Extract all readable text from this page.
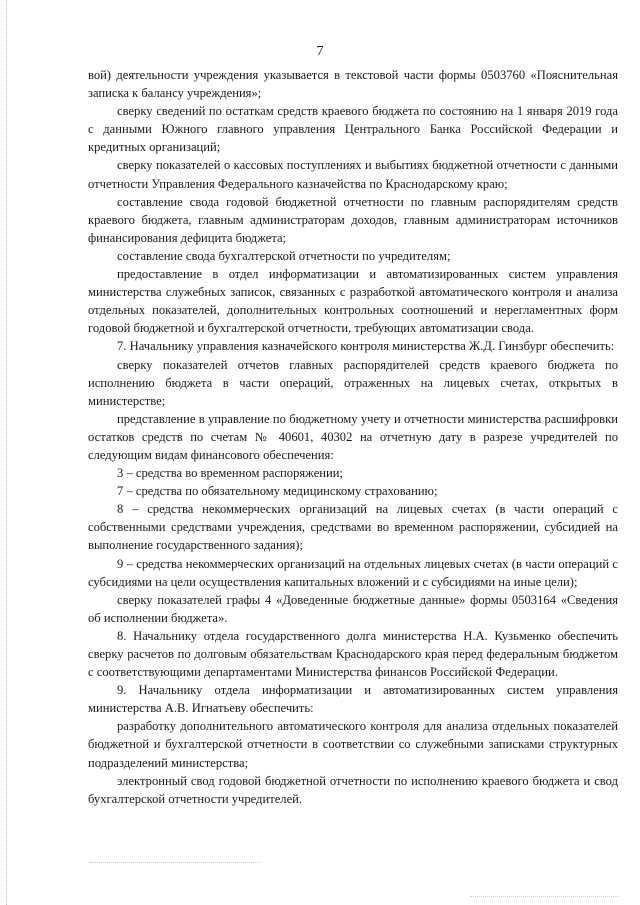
7

вой) деятельности учреждения указывается в текстовой части формы 0503760 «Пояснительная записка к балансу учреждения»;

сверку сведений по остаткам средств краевого бюджета по состоянию на 1 января 2019 года с данными Южного главного управления Центрального Банка Российской Федерации и кредитных организаций;

сверку показателей о кассовых поступлениях и выбытиях бюджетной отчетности с данными отчетности Управления Федерального казначейства по Краснодарскому краю;

составление свода годовой бюджетной отчетности по главным распорядителям средств краевого бюджета, главным администраторам доходов, главным администраторам источников финансирования дефицита бюджета;

составление свода бухгалтерской отчетности по учредителям;

предоставление в отдел информатизации и автоматизированных систем управления министерства служебных записок, связанных с разработкой автоматического контроля и анализа отдельных показателей, дополнительных контрольных соотношений и нерегламентных форм годовой бюджетной и бухгалтерской отчетности, требующих автоматизации свода.

7. Начальнику управления казначейского контроля министерства Ж.Д. Гинзбург обеспечить:

сверку показателей отчетов главных распорядителей средств краевого бюджета по исполнению бюджета в части операций, отраженных на лицевых счетах, открытых в министерстве;

представление в управление по бюджетному учету и отчетности министерства расшифровки остатков средств по счетам № 40601, 40302 на отчетную дату в разрезе учредителей по следующим видам финансового обеспечения:

3 – средства во временном распоряжении;

7 – средства по обязательному медицинскому страхованию;

8 – средства некоммерческих организаций на лицевых счетах (в части операций с собственными средствами учреждения, средствами во временном распоряжении, субсидией на выполнение государственного задания);

9 – средства некоммерческих организаций на отдельных лицевых счетах (в части операций с субсидиями на цели осуществления капитальных вложений и с субсидиями на иные цели);

сверку показателей графы 4 «Доведенные бюджетные данные» формы 0503164 «Сведения об исполнении бюджета».

8. Начальнику отдела государственного долга министерства Н.А. Кузьменко обеспечить сверку расчетов по долговым обязательствам Краснодарского края перед федеральным бюджетом с соответствующими департаментами Министерства финансов Российской Федерации.

9. Начальнику отдела информатизации и автоматизированных систем управления министерства А.В. Игнатьеву обеспечить:

разработку дополнительного автоматического контроля для анализа отдельных показателей бюджетной и бухгалтерской отчетности в соответствии со служебными записками структурных подразделений министерства;

электронный свод годовой бюджетной отчетности по исполнению краевого бюджета и свод бухгалтерской отчетности учредителей.
